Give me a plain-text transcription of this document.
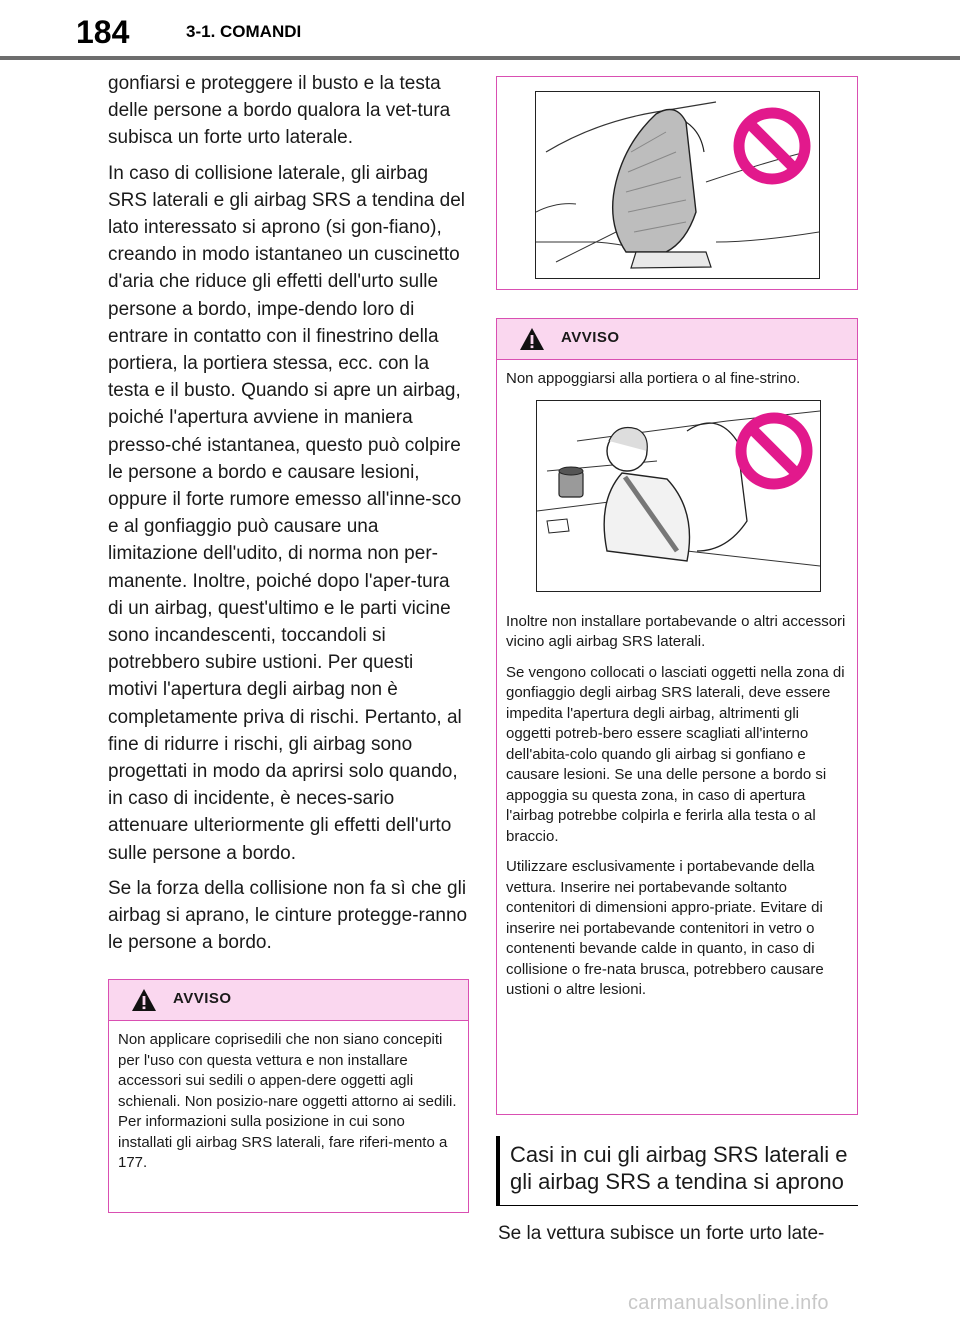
184	3-1. COMANDI

gonfiarsi e proteggere il busto e la testa delle persone a bordo qualora la vet-tura subisca un forte urto laterale.

In caso di collisione laterale, gli airbag SRS laterali e gli airbag SRS a tendina del lato interessato si aprono (si gon-fiano), creando in modo istantaneo un cuscinetto d'aria che riduce gli effetti dell'urto sulle persone a bordo, impe-dendo loro di entrare in contatto con il finestrino della portiera, la portiera stessa, ecc. con la testa e il busto. Quando si apre un airbag, poiché l'apertura avviene in maniera presso-ché istantanea, questo può colpire le persone a bordo e causare lesioni, oppure il forte rumore emesso all'inne-sco e al gonfiaggio può causare una limitazione dell'udito, di norma non per-manente. Inoltre, poiché dopo l'aper-tura di un airbag, quest'ultimo e le parti vicine sono incandescenti, toccandoli si potrebbero subire ustioni. Per questi motivi l'apertura degli airbag non è completamente priva di rischi. Pertanto, al fine di ridurre i rischi, gli airbag sono progettati in modo da aprirsi solo quando, in caso di incidente, è neces-sario attenuare ulteriormente gli effetti dell'urto sulle persone a bordo.

Se la forza della collisione non fa sì che gli airbag si aprano, le cinture protegge-ranno le persone a bordo.

AVVISO

Non applicare coprisedili che non siano concepiti per l'uso con questa vettura e non installare accessori sui sedili o appen-dere oggetti agli schienali. Non posizio-nare oggetti attorno ai sedili. Per informazioni sulla posizione in cui sono installati gli airbag SRS laterali, fare riferi-mento a 177.

AVVISO

Non appoggiarsi alla portiera o al fine-strino.

Inoltre non installare portabevande o altri accessori vicino agli airbag SRS laterali.

Se vengono collocati o lasciati oggetti nella zona di gonfiaggio degli airbag SRS laterali, deve essere impedita l'apertura degli airbag, altrimenti gli oggetti potreb-bero essere scagliati all'interno dell'abita-colo quando gli airbag si gonfiano e causare lesioni. Se una delle persone a bordo si appoggia su questa zona, in caso di apertura l'airbag potrebbe colpirla e ferirla alla testa o al braccio.

Utilizzare esclusivamente i portabevande della vettura. Inserire nei portabevande soltanto contenitori di dimensioni appro-priate. Evitare di inserire nei portabevande contenitori in vetro o contenenti bevande calde in quanto, in caso di collisione o fre-nata brusca, potrebbero causare ustioni o altre lesioni.

Casi in cui gli airbag SRS laterali e
gli airbag SRS a tendina si aprono
Se la vettura subisce un forte urto late-
carmanualsonline.info
